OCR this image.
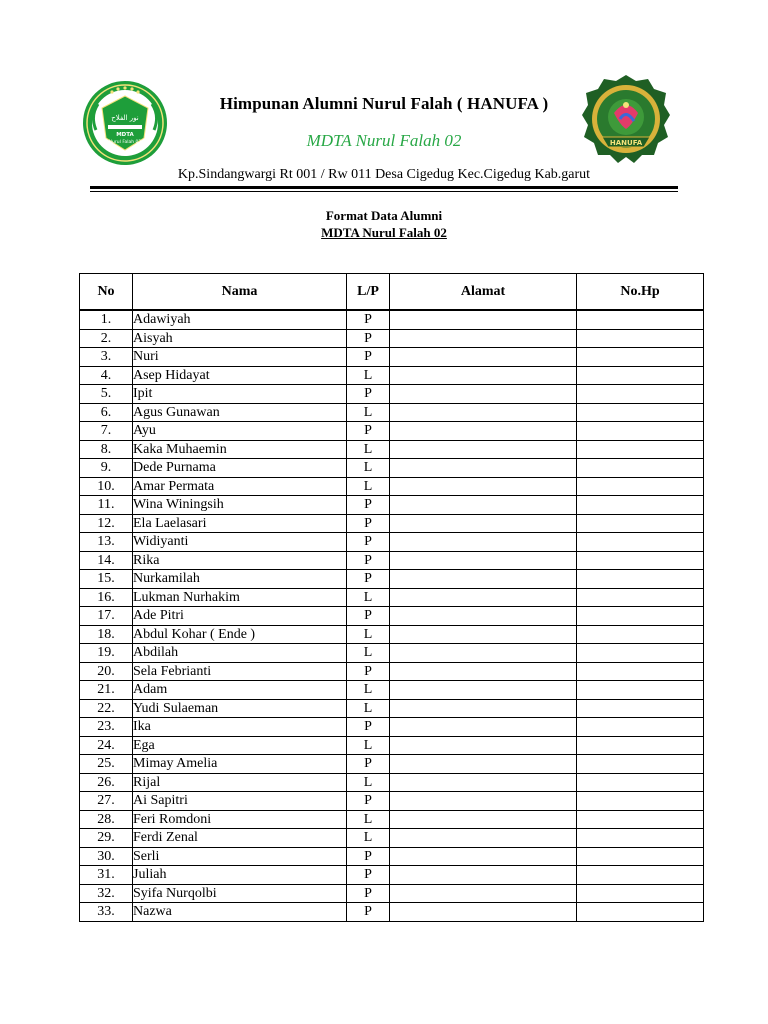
نور الفلاح
MDTA
Nurul Falah 02	HANUFA
Himpunan Alumni Nurul Falah ( HANUFA )
MDTA Nurul Falah 02
Kp.Sindangwargi Rt 001 / Rw 011 Desa Cigedug Kec.Cigedug Kab.garut
Format Data Alumni
MDTA Nurul Falah 02
No	Nama	L/P	Alamat	No.Hp
1.	Adawiyah	P		
2.	Aisyah	P		
3.	Nuri	P		
4.	Asep Hidayat	L		
5.	Ipit	P		
6.	Agus Gunawan	L		
7.	Ayu	P		
8.	Kaka Muhaemin	L		
9.	Dede Purnama	L		
10.	Amar Permata	L		
11.	Wina Winingsih	P		
12.	Ela Laelasari	P		
13.	Widiyanti	P		
14.	Rika	P		
15.	Nurkamilah	P		
16.	Lukman Nurhakim	L		
17.	Ade Pitri	P		
18.	Abdul Kohar ( Ende )	L		
19.	Abdilah	L		
20.	Sela Febrianti	P		
21.	Adam	L		
22.	Yudi Sulaeman	L		
23.	Ika	P		
24.	Ega	L		
25.	Mimay Amelia	P		
26.	Rijal	L		
27.	Ai Sapitri	P		
28.	Feri Romdoni	L		
29.	Ferdi Zenal	L		
30.	Serli	P		
31.	Juliah	P		
32.	Syifa Nurqolbi	P		
33.	Nazwa	P		
